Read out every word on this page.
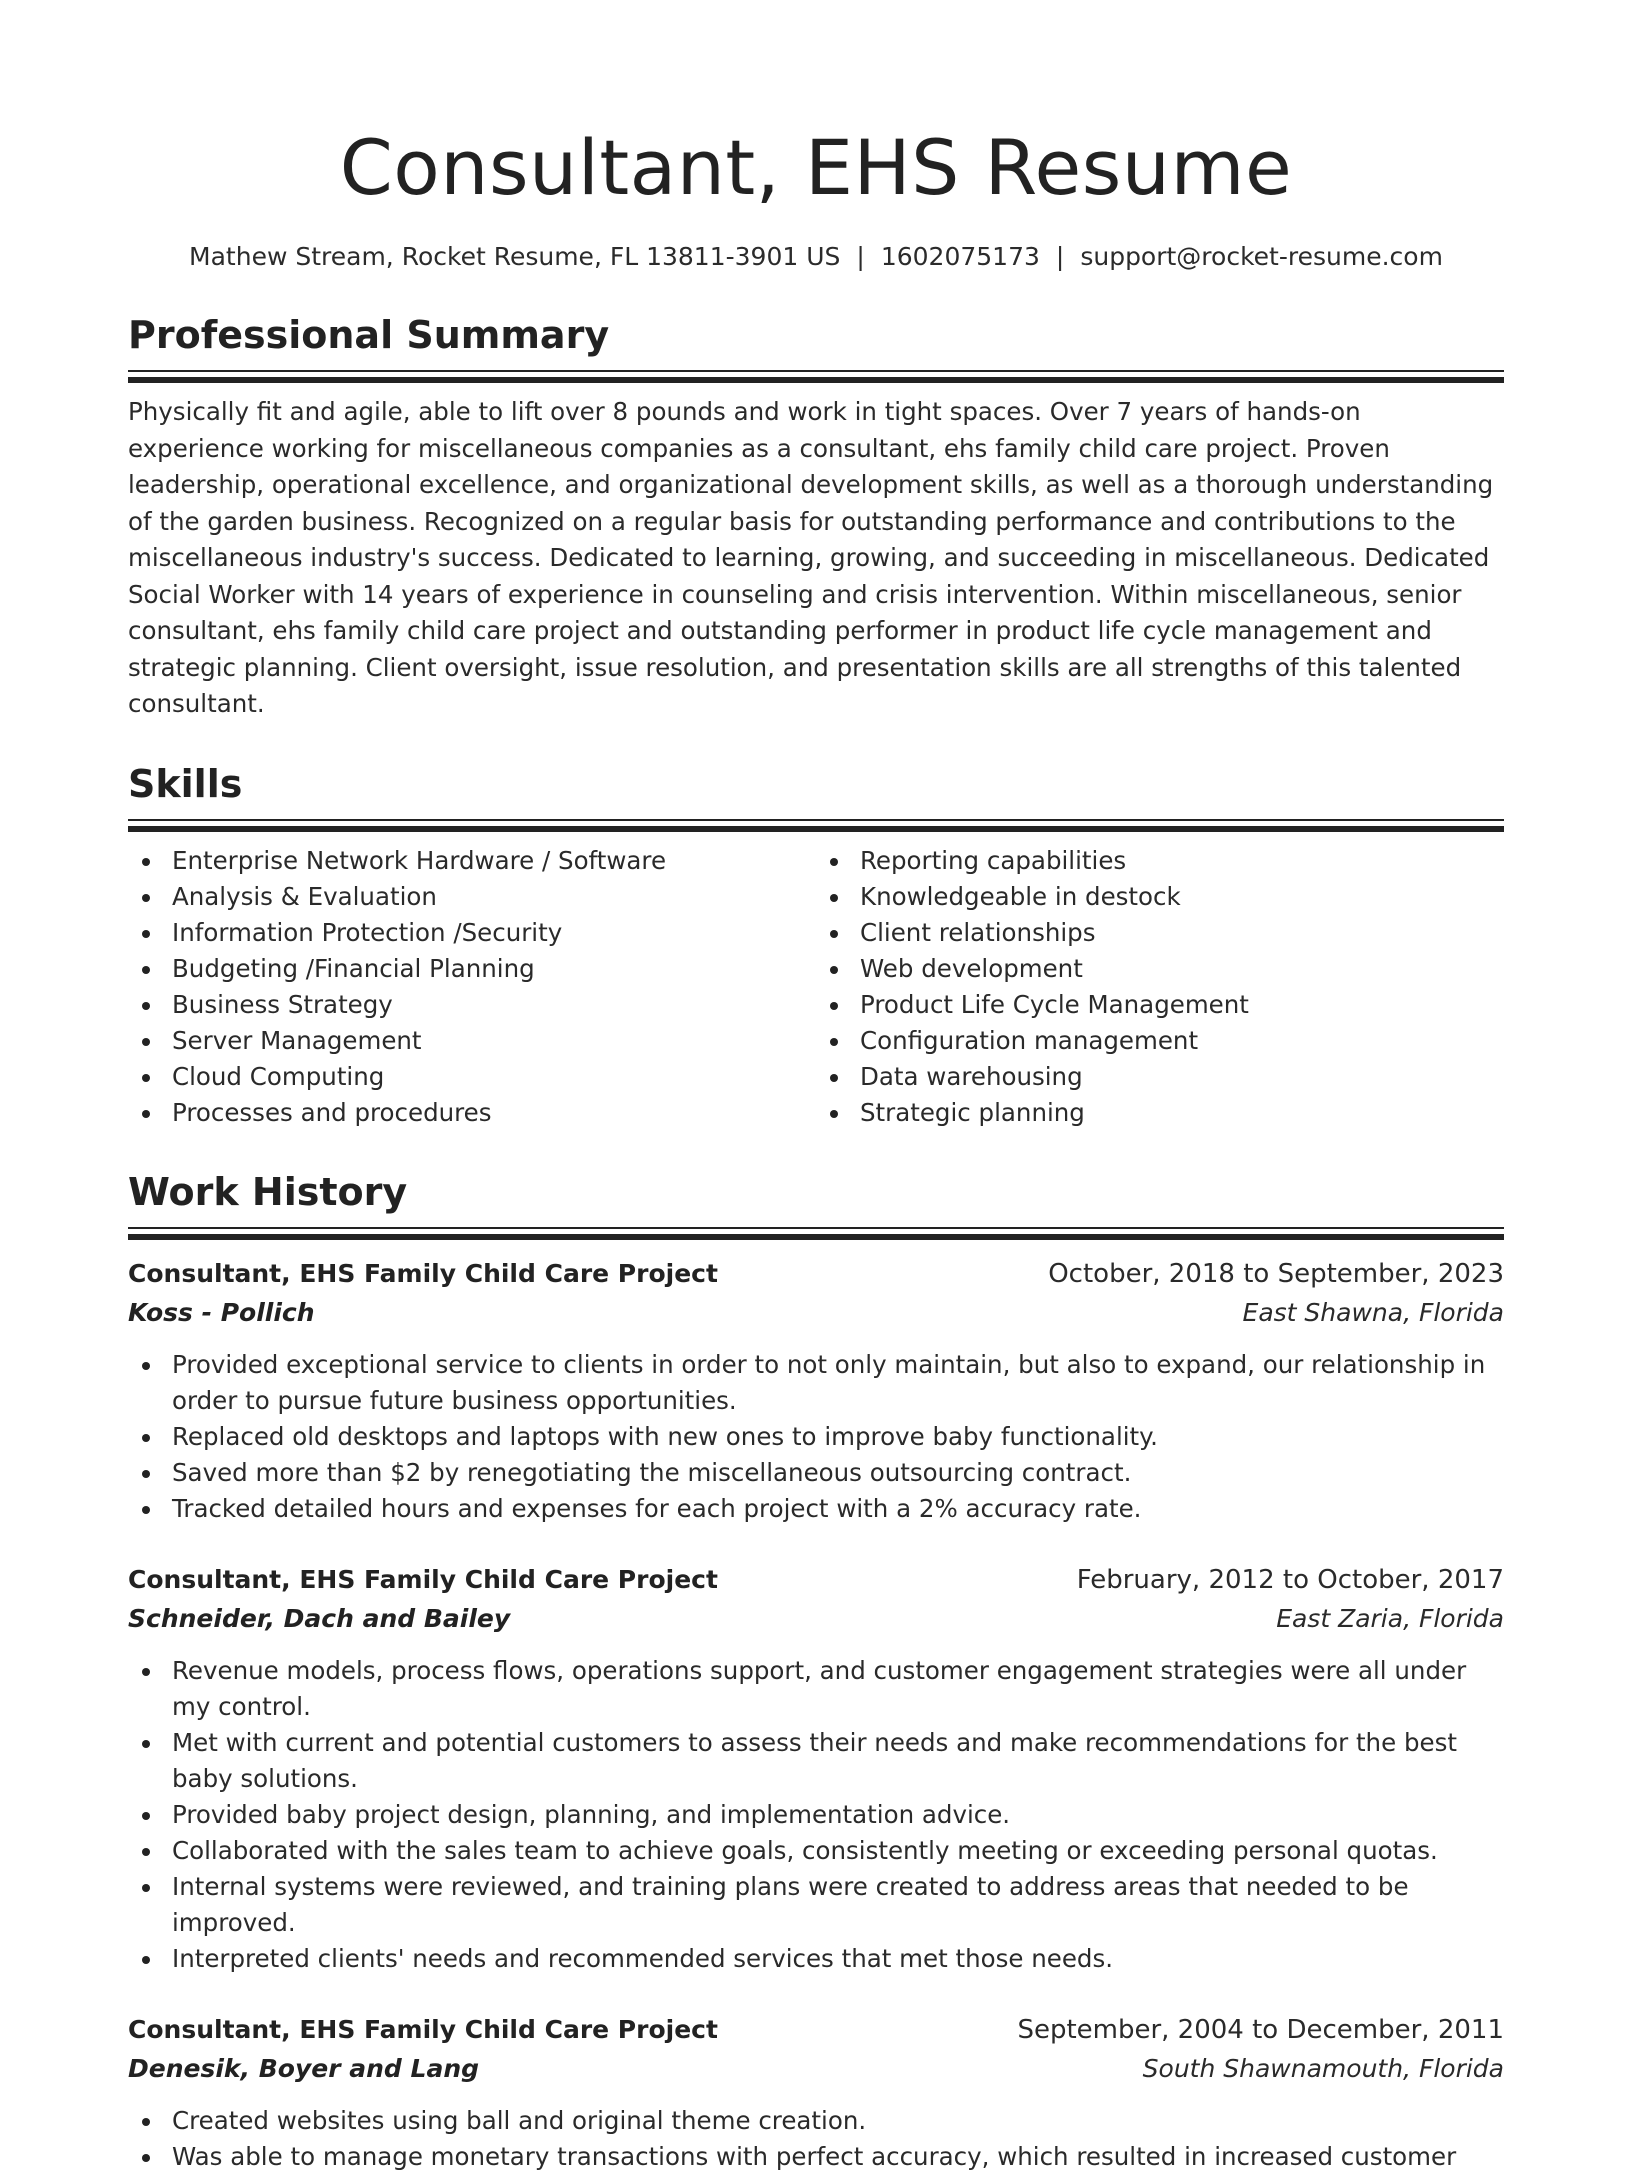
Consultant, EHS Resume
Mathew Stream, Rocket Resume, FL 13811-3901 US | 1602075173 | support@rocket-resume.com
Professional Summary

Physically fit and agile, able to lift over 8 pounds and work in tight spaces. Over 7 years of hands-on experience working for miscellaneous companies as a consultant, ehs family child care project. Proven leadership, operational excellence, and organizational development skills, as well as a thorough understanding of the garden business. Recognized on a regular basis for outstanding performance and contributions to the miscellaneous industry's success. Dedicated to learning, growing, and succeeding in miscellaneous. Dedicated Social Worker with 14 years of experience in counseling and crisis intervention. Within miscellaneous, senior consultant, ehs family child care project and outstanding performer in product life cycle management and strategic planning. Client oversight, issue resolution, and presentation skills are all strengths of this talented consultant.

Skills
Enterprise Network Hardware / Software
Analysis & Evaluation
Information Protection /Security
Budgeting /Financial Planning
Business Strategy
Server Management
Cloud Computing
Processes and procedures
Reporting capabilities
Knowledgeable in destock
Client relationships
Web development
Product Life Cycle Management
Configuration management
Data warehousing
Strategic planning
Work History
Consultant, EHS Family Child Care Project	October, 2018 to September, 2023
Koss - Pollich	East Shawna, Florida
Provided exceptional service to clients in order to not only maintain, but also to expand, our relationship in order to pursue future business opportunities.
Replaced old desktops and laptops with new ones to improve baby functionality.
Saved more than $2 by renegotiating the miscellaneous outsourcing contract.
Tracked detailed hours and expenses for each project with a 2% accuracy rate.
Consultant, EHS Family Child Care Project	February, 2012 to October, 2017
Schneider, Dach and Bailey	East Zaria, Florida
Revenue models, process flows, operations support, and customer engagement strategies were all under my control.
Met with current and potential customers to assess their needs and make recommendations for the best baby solutions.
Provided baby project design, planning, and implementation advice.
Collaborated with the sales team to achieve goals, consistently meeting or exceeding personal quotas.
Internal systems were reviewed, and training plans were created to address areas that needed to be improved.
Interpreted clients' needs and recommended services that met those needs.
Consultant, EHS Family Child Care Project	September, 2004 to December, 2011
Denesik, Boyer and Lang	South Shawnamouth, Florida
Created websites using ball and original theme creation.
Was able to manage monetary transactions with perfect accuracy, which resulted in increased customer
